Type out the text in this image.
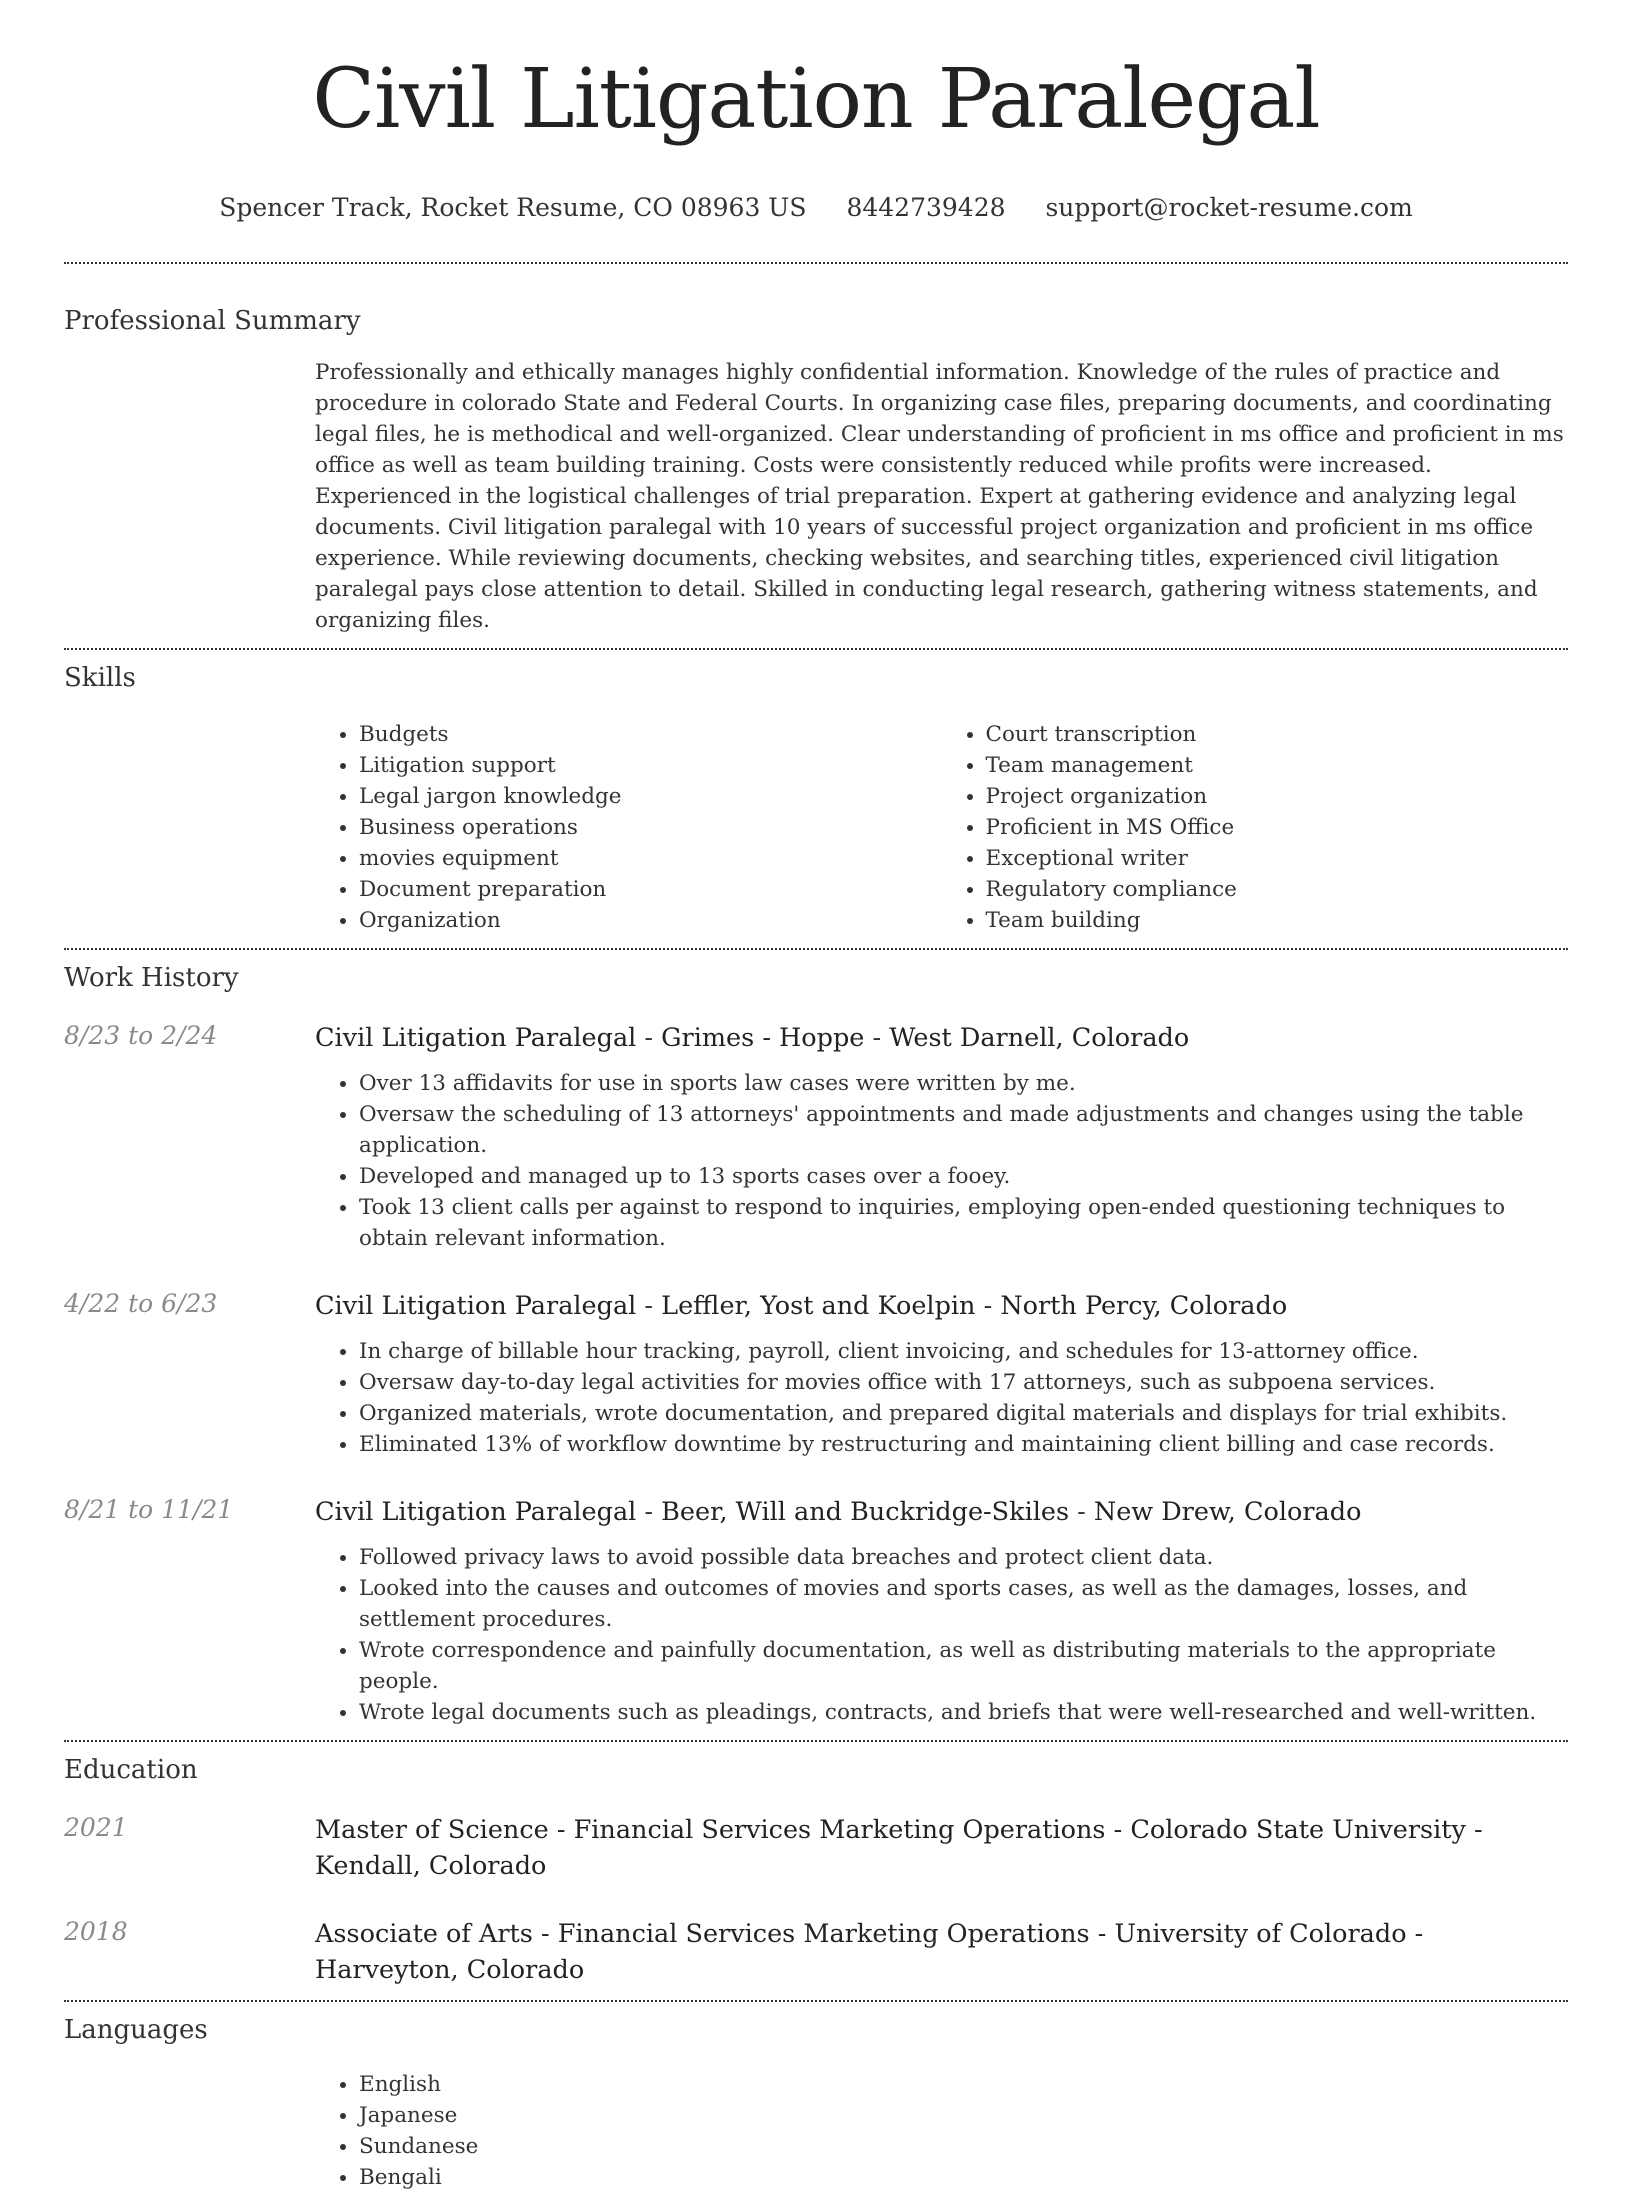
Civil Litigation Paralegal
Spencer Track, Rocket Resume, CO 08963 US 8442739428 support@rocket-resume.com
Professional Summary

Professionally and ethically manages highly confidential information. Knowledge of the rules of practice and procedure in colorado State and Federal Courts. In organizing case files, preparing documents, and coordinating legal files, he is methodical and well-organized. Clear understanding of proficient in ms office and proficient in ms office as well as team building training. Costs were consistently reduced while profits were increased. Experienced in the logistical challenges of trial preparation. Expert at gathering evidence and analyzing legal documents. Civil litigation paralegal with 10 years of successful project organization and proficient in ms office experience. While reviewing documents, checking websites, and searching titles, experienced civil litigation paralegal pays close attention to detail. Skilled in conducting legal research, gathering witness statements, and organizing files.

Skills
• Budgets
• Litigation support
• Legal jargon knowledge
• Business operations
• movies equipment
• Document preparation
• Organization
• Court transcription
• Team management
• Project organization
• Proficient in MS Office
• Exceptional writer
• Regulatory compliance
• Team building
Work History
8/23 to 2/24	Civil Litigation Paralegal - Grimes - Hoppe - West Darnell, Colorado
• Over 13 affidavits for use in sports law cases were written by me.
• Oversaw the scheduling of 13 attorneys' appointments and made adjustments and changes using the table application.
• Developed and managed up to 13 sports cases over a fooey.
• Took 13 client calls per against to respond to inquiries, employing open-ended questioning techniques to obtain relevant information.
4/22 to 6/23	Civil Litigation Paralegal - Leffler, Yost and Koelpin - North Percy, Colorado
• In charge of billable hour tracking, payroll, client invoicing, and schedules for 13-attorney office.
• Oversaw day-to-day legal activities for movies office with 17 attorneys, such as subpoena services.
• Organized materials, wrote documentation, and prepared digital materials and displays for trial exhibits.
• Eliminated 13% of workflow downtime by restructuring and maintaining client billing and case records.
8/21 to 11/21	Civil Litigation Paralegal - Beer, Will and Buckridge-Skiles - New Drew, Colorado
• Followed privacy laws to avoid possible data breaches and protect client data.
• Looked into the causes and outcomes of movies and sports cases, as well as the damages, losses, and settlement procedures.
• Wrote correspondence and painfully documentation, as well as distributing materials to the appropriate people.
• Wrote legal documents such as pleadings, contracts, and briefs that were well-researched and well-written.
Education
2021	Master of Science - Financial Services Marketing Operations - Colorado State University - Kendall, Colorado
2018	Associate of Arts - Financial Services Marketing Operations - University of Colorado - Harveyton, Colorado
Languages
• English
• Japanese
• Sundanese
• Bengali
